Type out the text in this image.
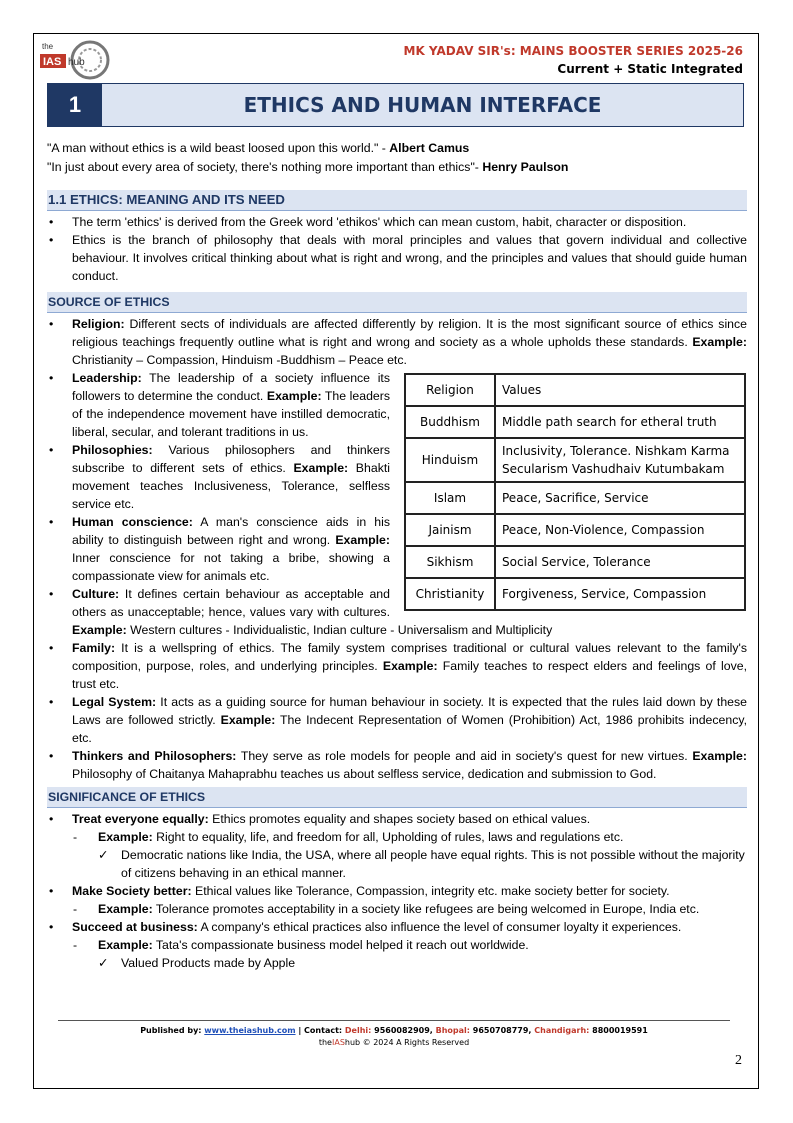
the
IAS hub
MK YADAV SIR's: MAINS BOOSTER SERIES 2025-26
Current + Static Integrated
1	ETHICS AND HUMAN INTERFACE
"A man without ethics is a wild beast loosed upon this world." - Albert Camus
"In just about every area of society, there's nothing more important than ethics"- Henry Paulson
1.1 ETHICS: MEANING AND ITS NEED
• The term 'ethics' is derived from the Greek word 'ethikos' which can mean custom, habit, character or disposition.
• Ethics is the branch of philosophy that deals with moral principles and values that govern individual and collective behaviour. It involves critical thinking about what is right and wrong, and the principles and values that should guide human conduct.
SOURCE OF ETHICS
• Religion: Different sects of individuals are affected differently by religion. It is the most significant source of ethics since religious teachings frequently outline what is right and wrong and society as a whole upholds these standards. Example: Christianity – Compassion, Hinduism -Buddhism – Peace etc.
Religion	Values
Buddhism	Middle path search for etheral truth
Hinduism	Inclusivity, Tolerance. Nishkam Karma Secularism Vashudhaiv Kutumbakam
Islam	Peace, Sacrifice, Service
Jainism	Peace, Non-Violence, Compassion
Sikhism	Social Service, Tolerance
Christianity	Forgiveness, Service, Compassion
• Leadership: The leadership of a society influence its followers to determine the conduct. Example: The leaders of the independence movement have instilled democratic, liberal, secular, and tolerant traditions in us.
• Philosophies: Various philosophers and thinkers subscribe to different sets of ethics. Example: Bhakti movement teaches Inclusiveness, Tolerance, selfless service etc.
• Human conscience: A man's conscience aids in his ability to distinguish between right and wrong. Example: Inner conscience for not taking a bribe, showing a compassionate view for animals etc.
• Culture: It defines certain behaviour as acceptable and others as unacceptable; hence, values vary with cultures. Example: Western cultures - Individualistic, Indian culture - Universalism and Multiplicity
• Family: It is a wellspring of ethics. The family system comprises traditional or cultural values relevant to the family's composition, purpose, roles, and underlying principles. Example: Family teaches to respect elders and feelings of love, trust etc.
• Legal System: It acts as a guiding source for human behaviour in society. It is expected that the rules laid down by these Laws are followed strictly. Example: The Indecent Representation of Women (Prohibition) Act, 1986 prohibits indecency, etc.
• Thinkers and Philosophers: They serve as role models for people and aid in society's quest for new virtues. Example: Philosophy of Chaitanya Mahaprabhu teaches us about selfless service, dedication and submission to God.
SIGNIFICANCE OF ETHICS
• Treat everyone equally: Ethics promotes equality and shapes society based on ethical values.
- Example: Right to equality, life, and freedom for all, Upholding of rules, laws and regulations etc.
✓ Democratic nations like India, the USA, where all people have equal rights. This is not possible without the majority of citizens behaving in an ethical manner.
• Make Society better: Ethical values like Tolerance, Compassion, integrity etc. make society better for society.
- Example: Tolerance promotes acceptability in a society like refugees are being welcomed in Europe, India etc.
• Succeed at business: A company's ethical practices also influence the level of consumer loyalty it experiences.
- Example: Tata's compassionate business model helped it reach out worldwide.
✓ Valued Products made by Apple
Published by: www.theiashub.com | Contact: Delhi: 9560082909, Bhopal: 9650708779, Chandigarh: 8800019591
theIAShub © 2024 A Rights Reserved
2
